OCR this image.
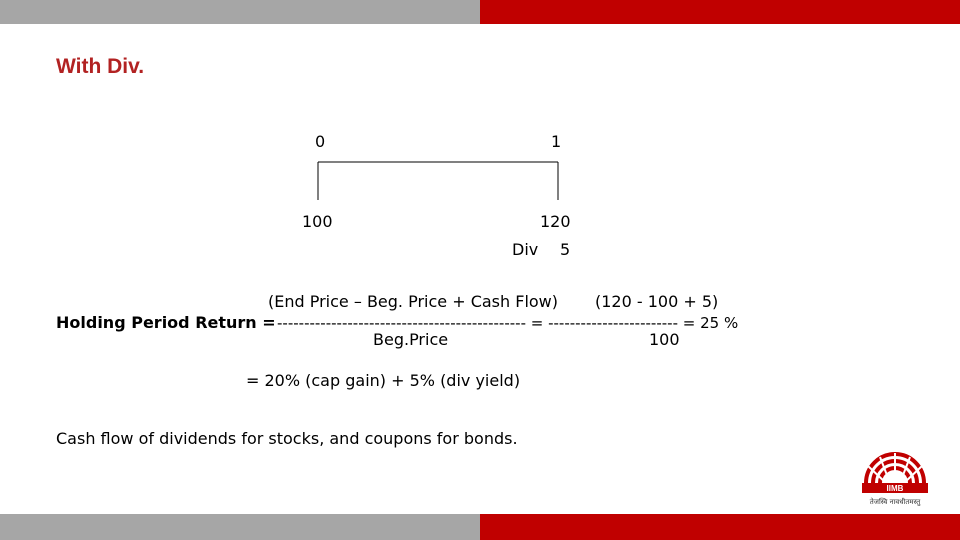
With Div.
0	1
100	120
Div 5
(End Price – Beg. Price + Cash Flow) (120 - 100 + 5)
Holding Period Return = ---------------------------------------------- = ------------------------ = 25 %
Beg.Price	100
= 20% (cap gain) + 5% (div yield)
Cash flow of dividends for stocks, and coupons for bonds.
IIMB
तेजस्वि नावधीतमस्तु
